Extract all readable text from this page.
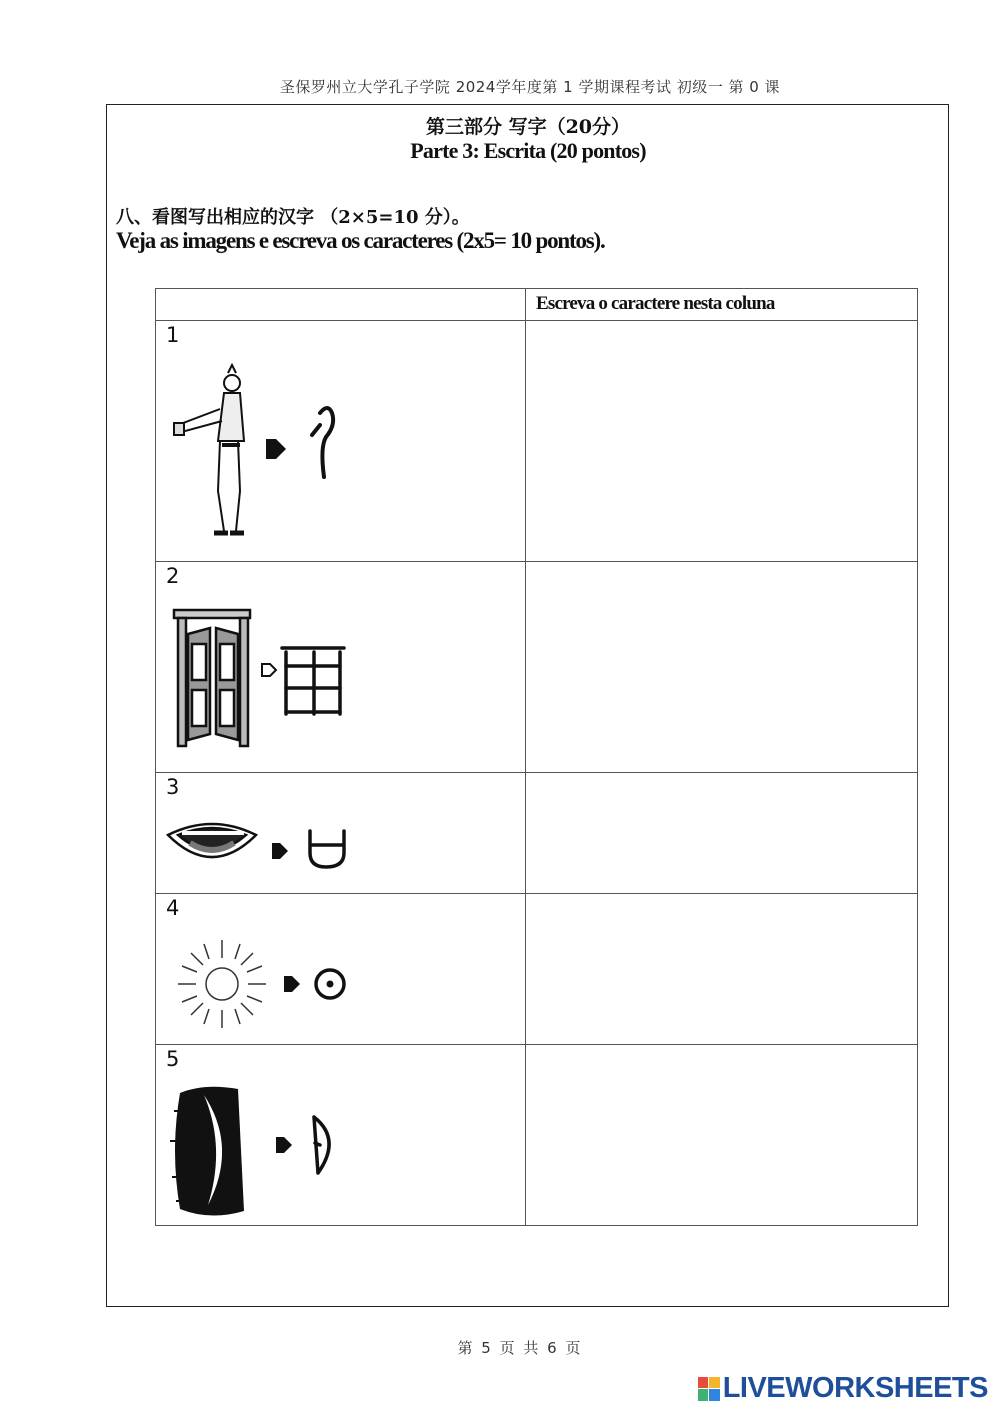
圣保罗州立大学孔子学院 2024学年度第 1 学期课程考试 初级一 第 0 课
第三部分 写字（20分）
Parte 3: Escrita (20 pontos)
八、看图写出相应的汉字 （2×5=10 分）。
Veja as imagens e escreva os caracteres (2x5= 10 pontos).

	Escreva o caractere nesta coluna

1	

2	

3	

4	

5	

第 5 页 共 6 页
LIVEWORKSHEETS
